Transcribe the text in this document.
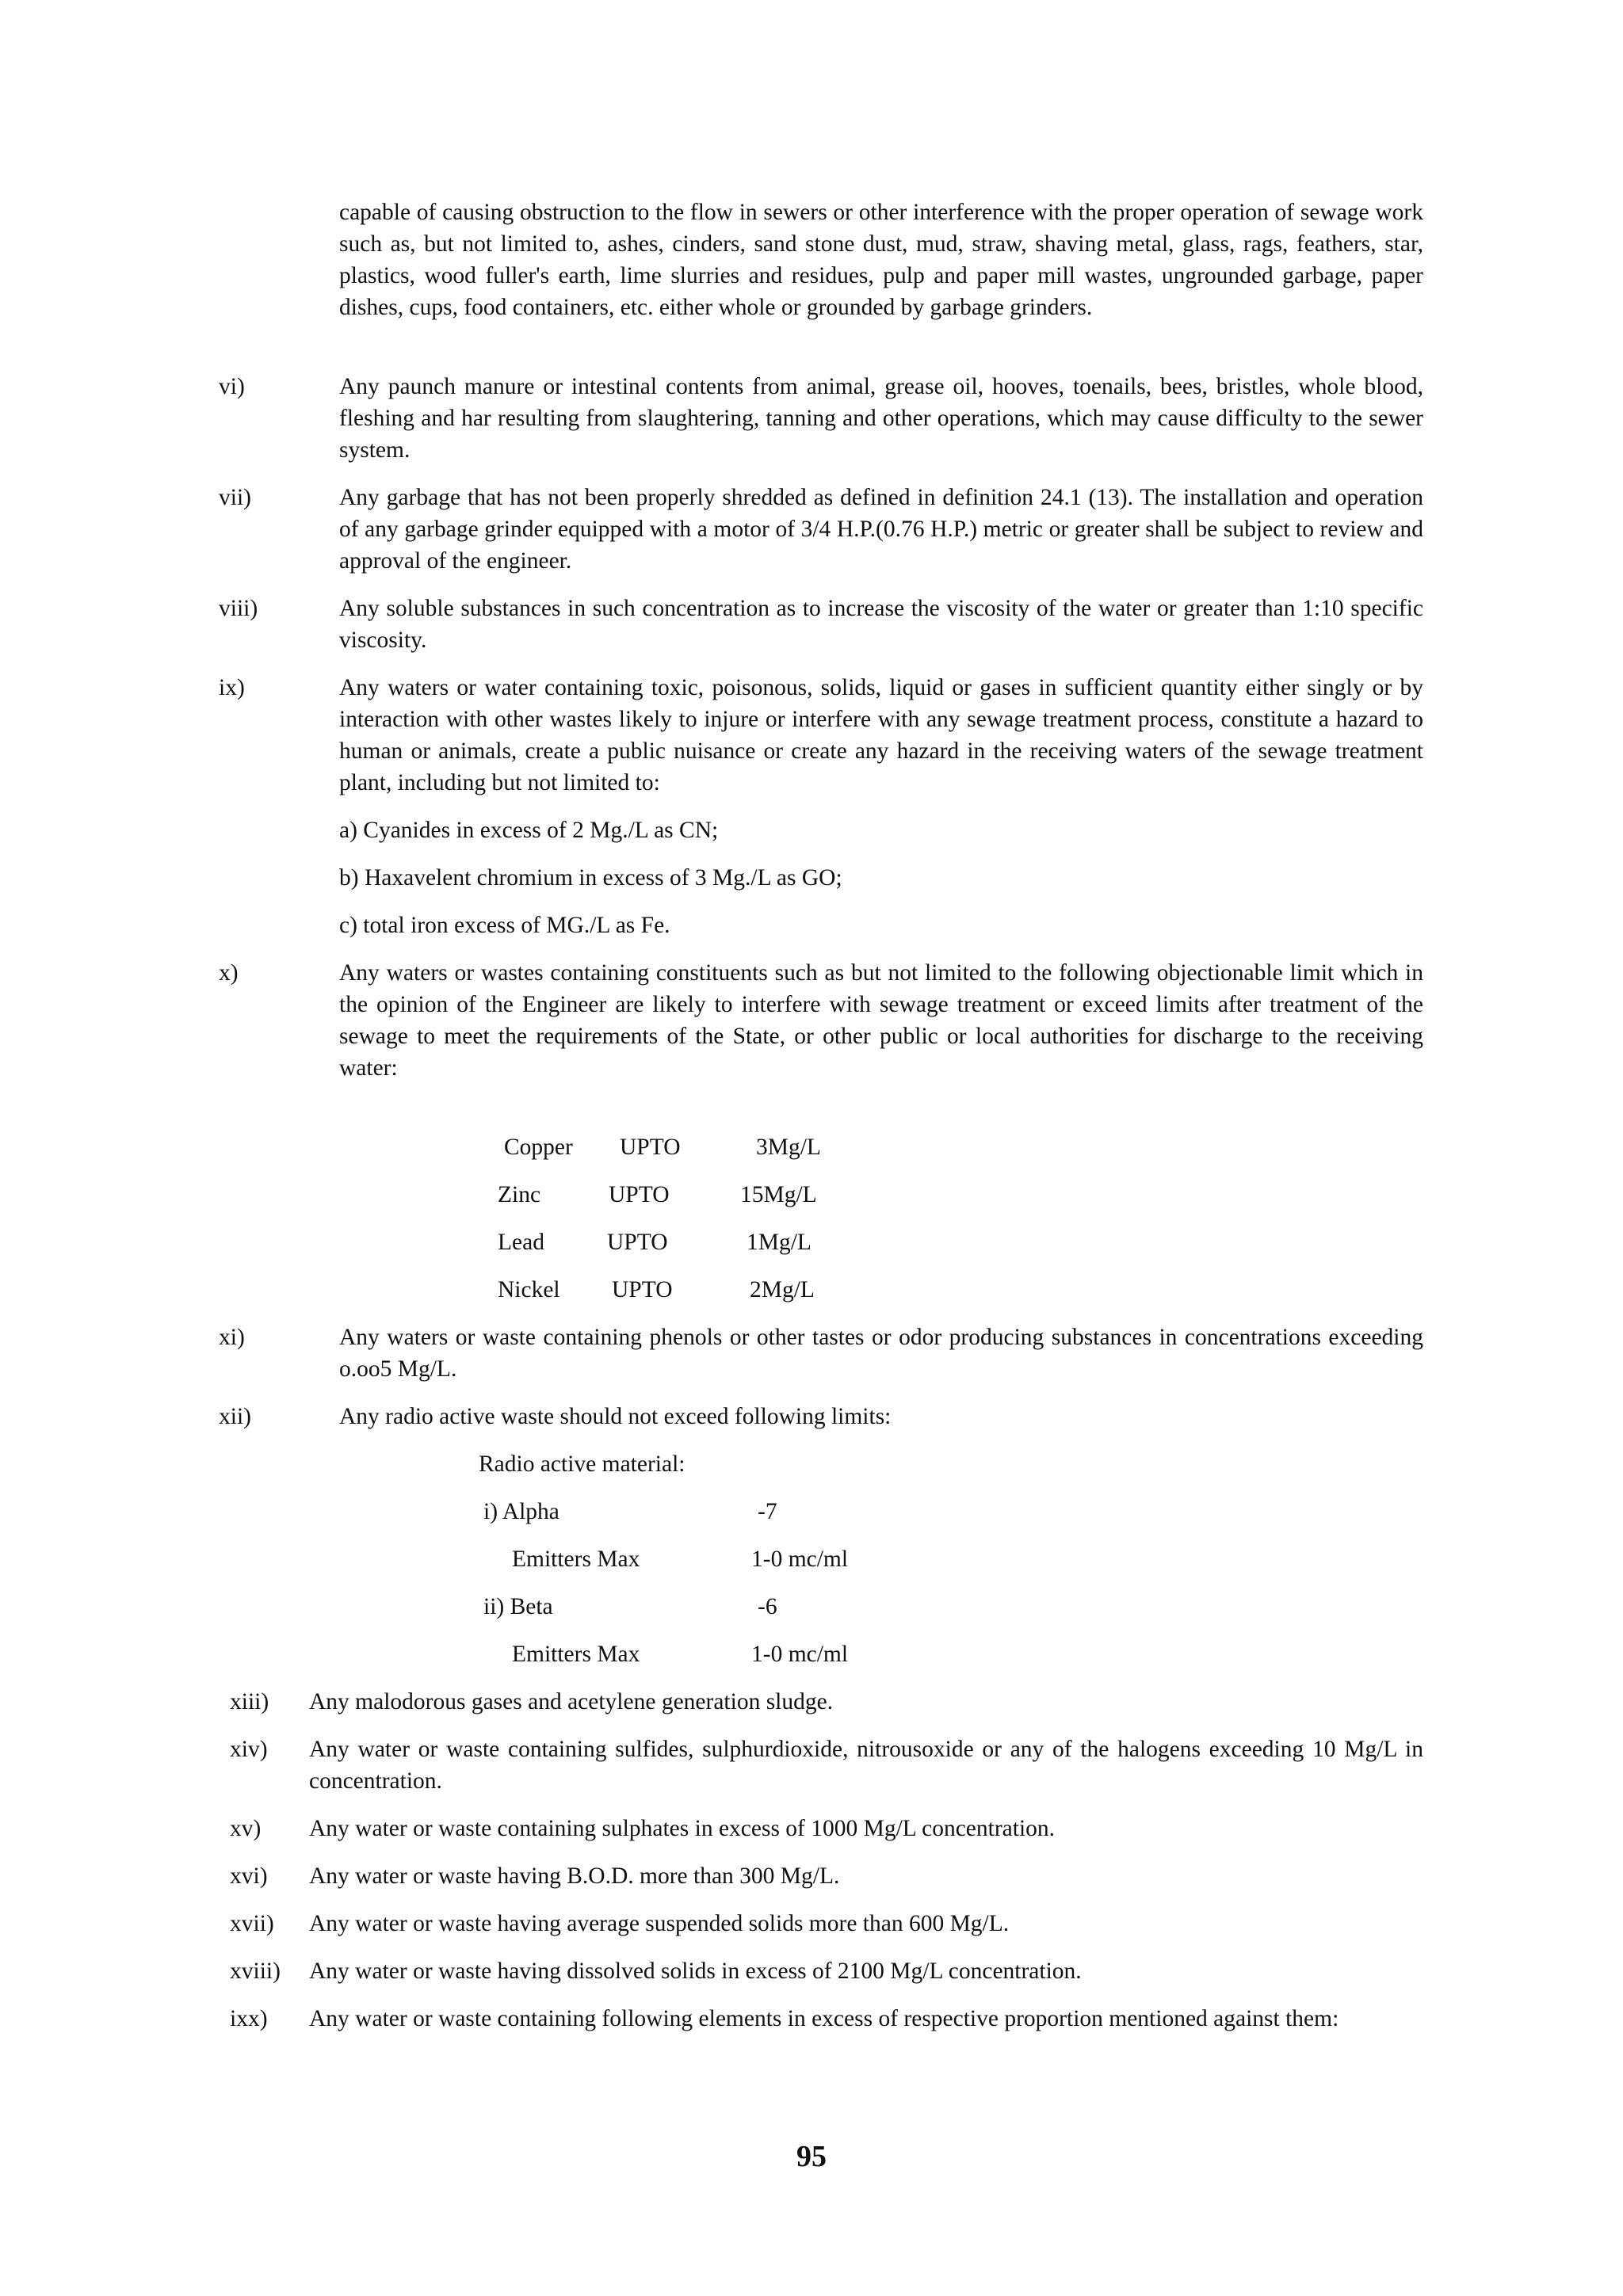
capable of causing obstruction to the flow in sewers or other interference with the proper operation of sewage work such as, but not limited to, ashes, cinders, sand stone dust, mud, straw, shaving metal, glass, rags, feathers, star, plastics, wood fuller's earth, lime slurries and residues, pulp and paper mill wastes, ungrounded garbage, paper dishes, cups, food containers, etc. either whole or grounded by garbage grinders.

vi)	Any paunch manure or intestinal contents from animal, grease oil, hooves, toenails, bees, bristles, whole blood, fleshing and har resulting from slaughtering, tanning and other operations, which may cause difficulty to the sewer system.

vii)	Any garbage that has not been properly shredded as defined in definition 24.1 (13). The installation and operation of any garbage grinder equipped with a motor of 3/4 H.P.(0.76 H.P.) metric or greater shall be subject to review and approval of the engineer.

viii)	Any soluble substances in such concentration as to increase the viscosity of the water or greater than 1:10 specific viscosity.

ix)	Any waters or water containing toxic, poisonous, solids, liquid or gases in sufficient quantity either singly or by interaction with other wastes likely to injure or interfere with any sewage treatment process, constitute a hazard to human or animals, create a public nuisance or create any hazard in the receiving waters of the sewage treatment plant, including but not limited to:

a) Cyanides in excess of 2 Mg./L as CN;

b) Haxavelent chromium in excess of 3 Mg./L as GO;

c) total iron excess of MG./L as Fe.

x)	Any waters or wastes containing constituents such as but not limited to the following objectionable limit which in the opinion of the Engineer are likely to interfere with sewage treatment or exceed limits after treatment of the sewage to meet the requirements of the State, or other public or local authorities for discharge to the receiving water:

Copper UPTO	3Mg/L
Zinc	UPTO	15Mg/L
Lead	UPTO	1Mg/L
Nickel UPTO	2Mg/L

xi)	Any waters or waste containing phenols or other tastes or odor producing substances in concentrations exceeding o.oo5 Mg/L.

xii)	Any radio active waste should not exceed following limits:

Radio active material:
i) Alpha	-7
Emitters Max	1-0 mc/ml
ii) Beta	-6
Emitters Max	1-0 mc/ml
xiii) Any malodorous gases and acetylene generation sludge.
xiv) Any water or waste containing sulfides, sulphurdioxide, nitrousoxide or any of the halogens exceeding 10 Mg/L in concentration.
xv) Any water or waste containing sulphates in excess of 1000 Mg/L concentration.
xvi) Any water or waste having B.O.D. more than 300 Mg/L.
xvii) Any water or waste having average suspended solids more than 600 Mg/L.
xviii) Any water or waste having dissolved solids in excess of 2100 Mg/L concentration.
ixx) Any water or waste containing following elements in excess of respective proportion mentioned against them:
95
